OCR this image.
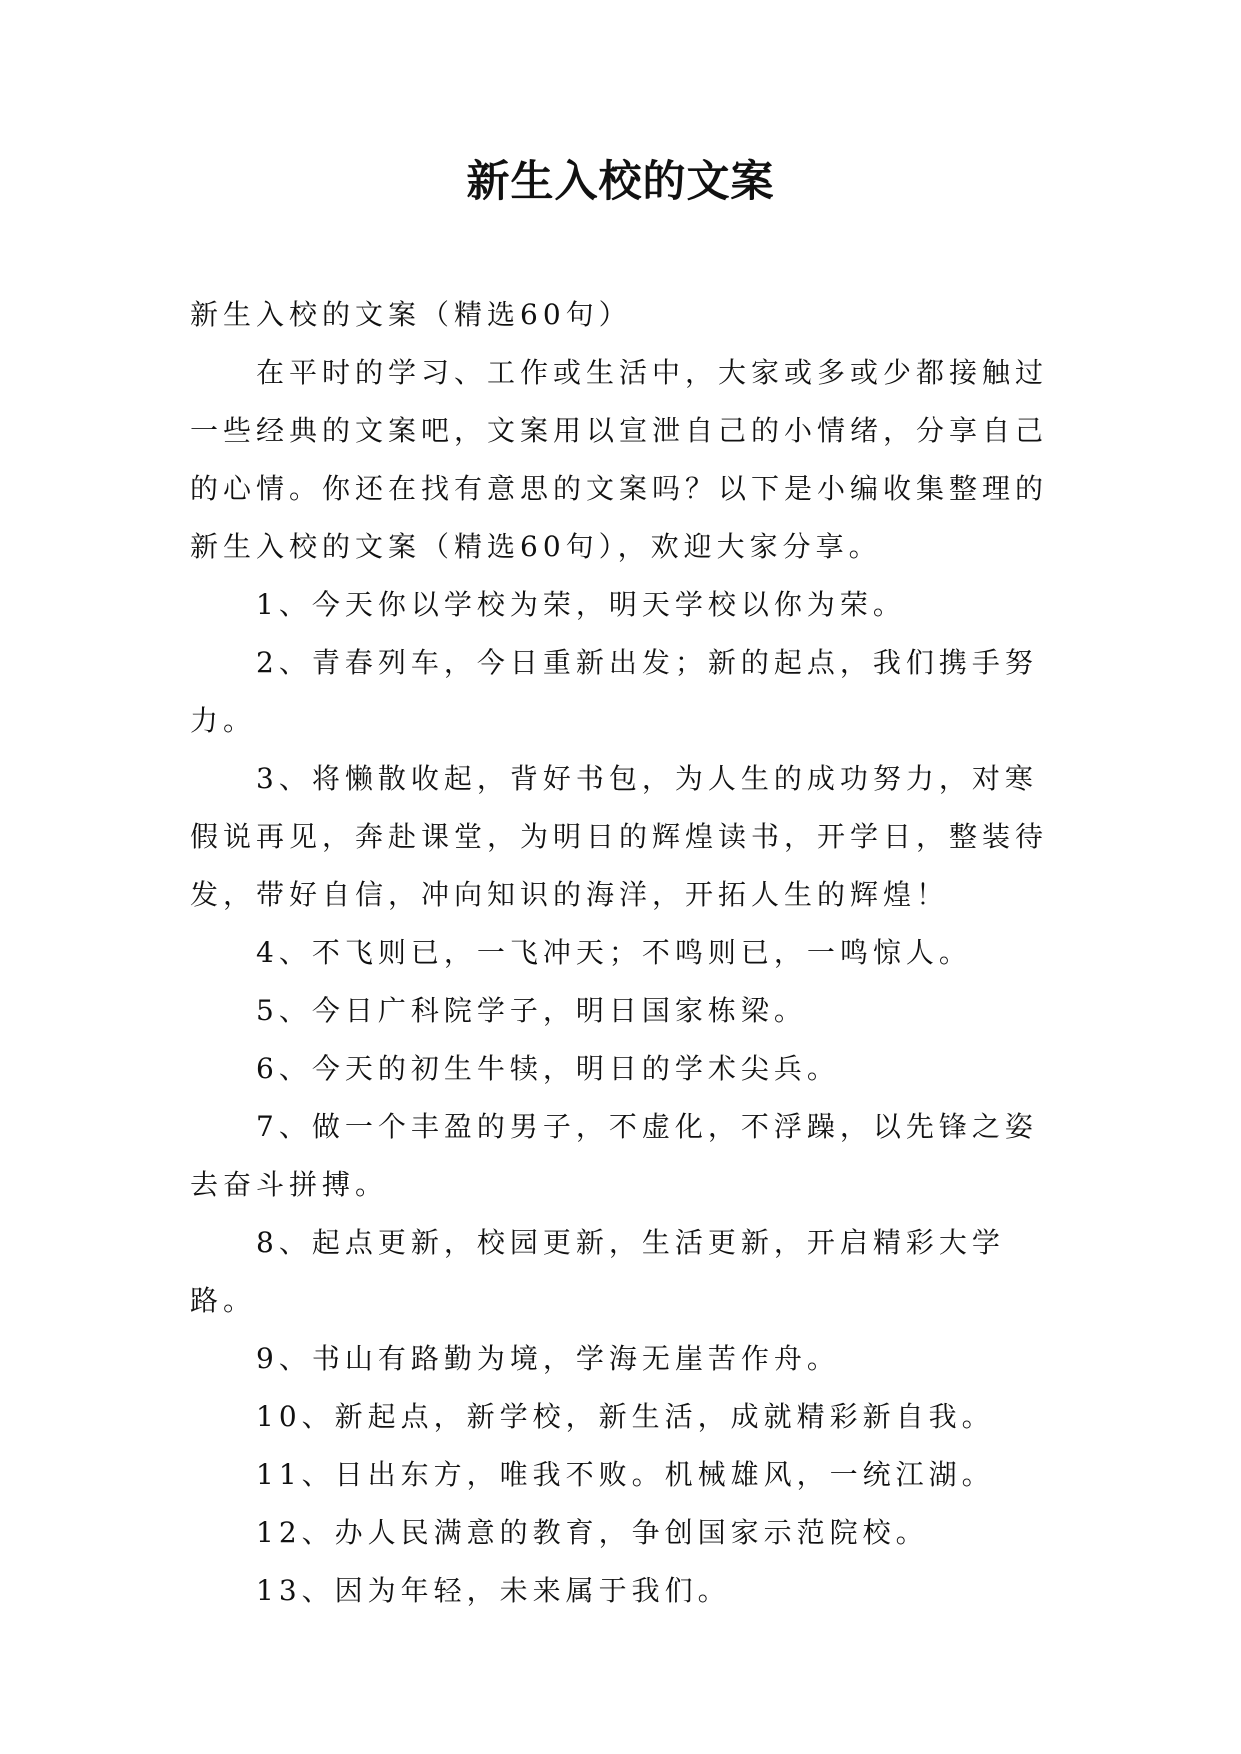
新生入校的文案

新生入校的文案（精选60句）

在平时的学习、工作或生活中，大家或多或少都接触过一些经典的文案吧，文案用以宣泄自己的小情绪，分享自己的心情。你还在找有意思的文案吗？以下是小编收集整理的新生入校的文案（精选60句），欢迎大家分享。

1、今天你以学校为荣，明天学校以你为荣。

2、青春列车，今日重新出发；新的起点，我们携手努力。

3、将懒散收起，背好书包，为人生的成功努力，对寒假说再见，奔赴课堂，为明日的辉煌读书，开学日，整装待发，带好自信，冲向知识的海洋，开拓人生的辉煌！

4、不飞则已，一飞冲天；不鸣则已，一鸣惊人。

5、今日广科院学子，明日国家栋梁。

6、今天的初生牛犊，明日的学术尖兵。

7、做一个丰盈的男子，不虚化，不浮躁，以先锋之姿去奋斗拼搏。

8、起点更新，校园更新，生活更新，开启精彩大学路。

9、书山有路勤为境，学海无崖苦作舟。

10、新起点，新学校，新生活，成就精彩新自我。

11、日出东方，唯我不败。机械雄风，一统江湖。

12、办人民满意的教育，争创国家示范院校。

13、因为年轻，未来属于我们。
